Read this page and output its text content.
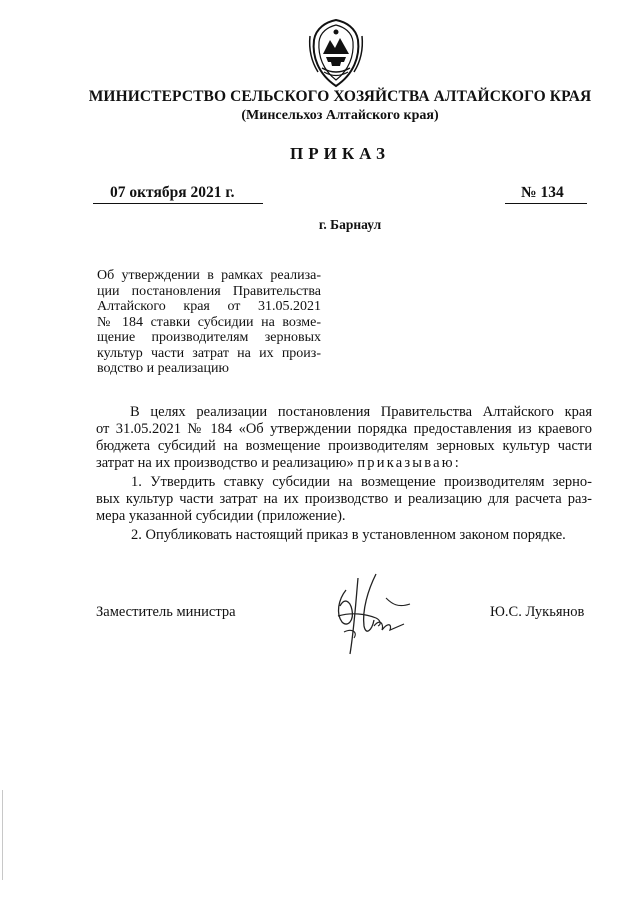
МИНИСТЕРСТВО СЕЛЬСКОГО ХОЗЯЙСТВА АЛТАЙСКОГО КРАЯ
(Минсельхоз Алтайского края)
ПРИКАЗ
07 октября 2021 г.	№ 134
г. Барнаул
Об утверждении в рамках реализа-
ции постановления Правительства
Алтайского края от 31.05.2021
№ 184 ставки субсидии на возме-
щение производителям зерновых
культур части затрат на их произ-
водство и реализацию
В целях реализации постановления Правительства Алтайского края
от 31.05.2021 № 184 «Об утверждении порядка предоставления из краевого
бюджета субсидий на возмещение производителям зерновых культур части
затрат на их производство и реализацию» приказываю:
1. Утвердить ставку субсидии на возмещение производителям зерно-
вых культур части затрат на их производство и реализацию для расчета раз-
мера указанной субсидии (приложение).
2. Опубликовать настоящий приказ в установленном законом порядке.
Заместитель министра	Ю.С. Лукьянов
